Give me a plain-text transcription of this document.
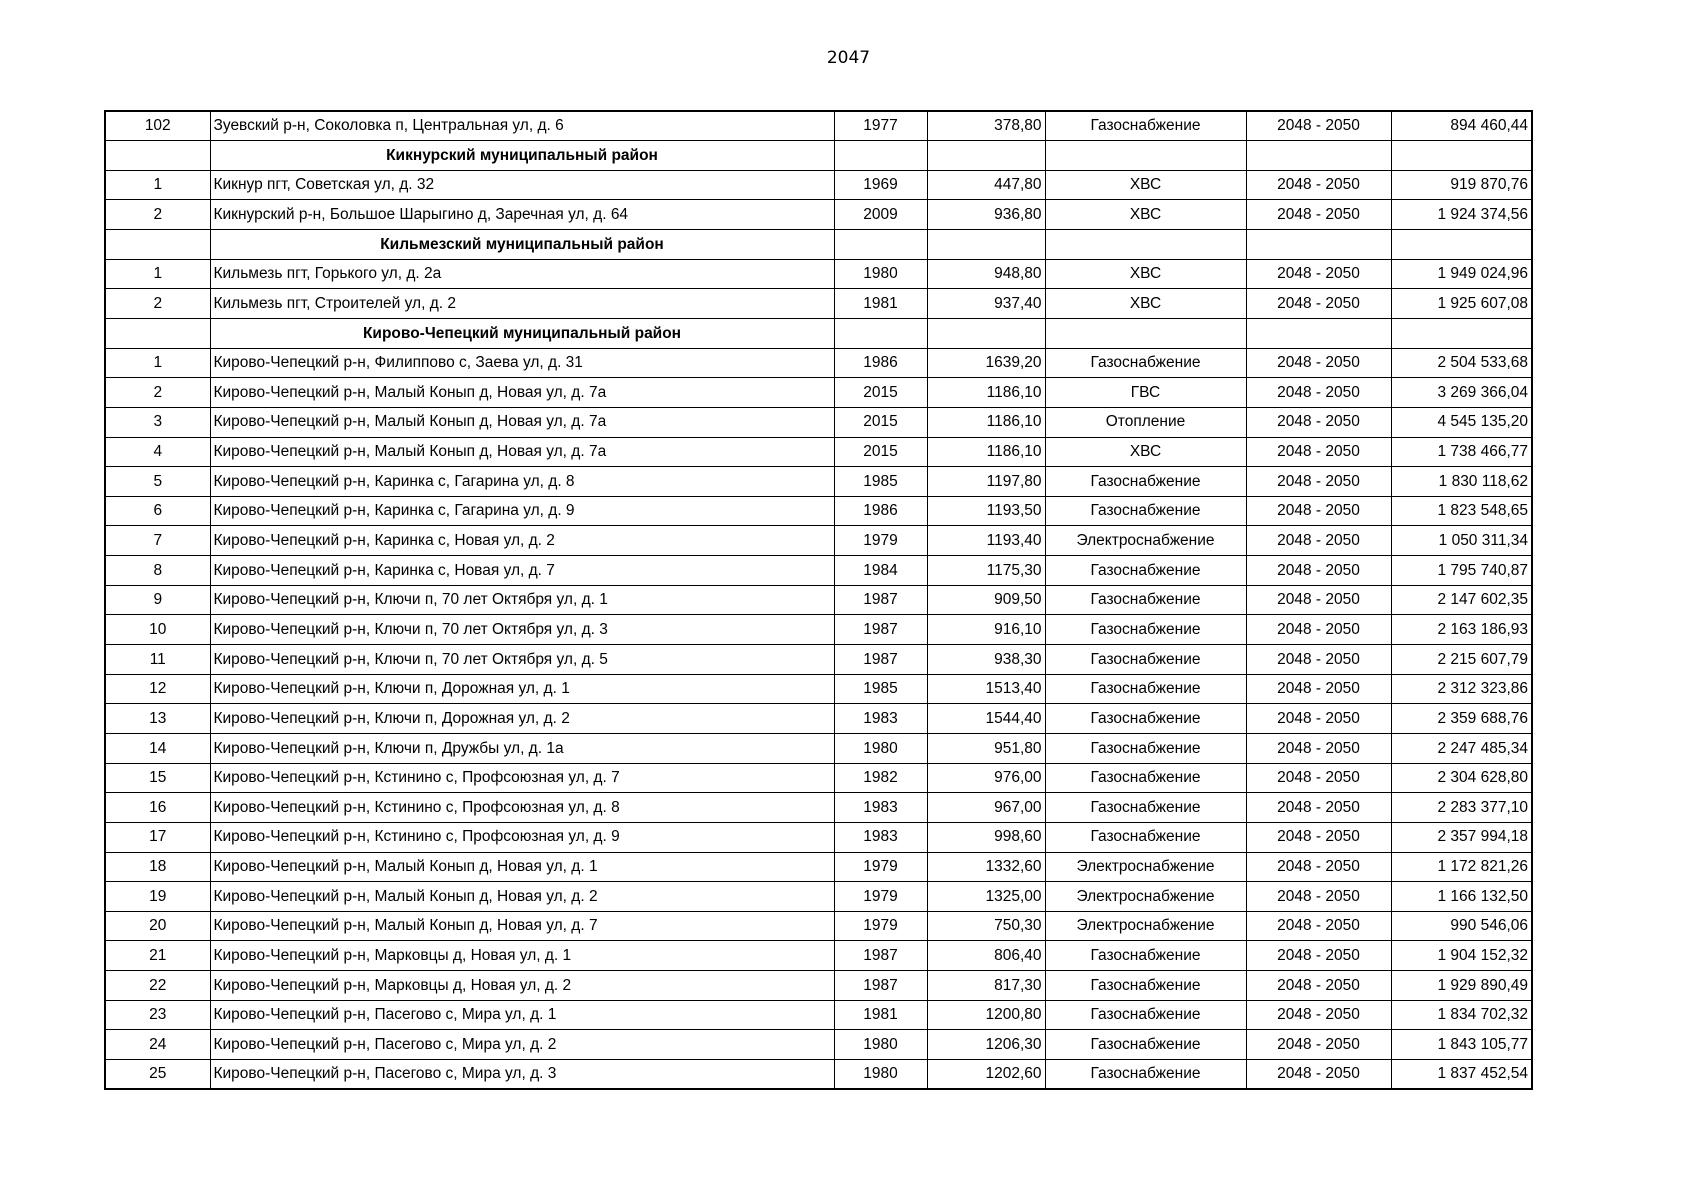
2047
102	Зуевский р-н, Соколовка п, Центральная ул, д. 6	1977	378,80	Газоснабжение	2048 - 2050	894 460,44
	Кикнурский муниципальный район					
1	Кикнур пгт, Советская ул, д. 32	1969	447,80	ХВС	2048 - 2050	919 870,76
2	Кикнурский р-н, Большое Шарыгино д, Заречная ул, д. 64	2009	936,80	ХВС	2048 - 2050	1 924 374,56
	Кильмезский муниципальный район					
1	Кильмезь пгт, Горького ул, д. 2а	1980	948,80	ХВС	2048 - 2050	1 949 024,96
2	Кильмезь пгт, Строителей ул, д. 2	1981	937,40	ХВС	2048 - 2050	1 925 607,08
	Кирово-Чепецкий муниципальный район					
1	Кирово-Чепецкий р-н, Филиппово с, Заева ул, д. 31	1986	1639,20	Газоснабжение	2048 - 2050	2 504 533,68
2	Кирово-Чепецкий р-н, Малый Конып д, Новая ул, д. 7а	2015	1186,10	ГВС	2048 - 2050	3 269 366,04
3	Кирово-Чепецкий р-н, Малый Конып д, Новая ул, д. 7а	2015	1186,10	Отопление	2048 - 2050	4 545 135,20
4	Кирово-Чепецкий р-н, Малый Конып д, Новая ул, д. 7а	2015	1186,10	ХВС	2048 - 2050	1 738 466,77
5	Кирово-Чепецкий р-н, Каринка с, Гагарина ул, д. 8	1985	1197,80	Газоснабжение	2048 - 2050	1 830 118,62
6	Кирово-Чепецкий р-н, Каринка с, Гагарина ул, д. 9	1986	1193,50	Газоснабжение	2048 - 2050	1 823 548,65
7	Кирово-Чепецкий р-н, Каринка с, Новая ул, д. 2	1979	1193,40	Электроснабжение	2048 - 2050	1 050 311,34
8	Кирово-Чепецкий р-н, Каринка с, Новая ул, д. 7	1984	1175,30	Газоснабжение	2048 - 2050	1 795 740,87
9	Кирово-Чепецкий р-н, Ключи п, 70 лет Октября ул, д. 1	1987	909,50	Газоснабжение	2048 - 2050	2 147 602,35
10	Кирово-Чепецкий р-н, Ключи п, 70 лет Октября ул, д. 3	1987	916,10	Газоснабжение	2048 - 2050	2 163 186,93
11	Кирово-Чепецкий р-н, Ключи п, 70 лет Октября ул, д. 5	1987	938,30	Газоснабжение	2048 - 2050	2 215 607,79
12	Кирово-Чепецкий р-н, Ключи п, Дорожная ул, д. 1	1985	1513,40	Газоснабжение	2048 - 2050	2 312 323,86
13	Кирово-Чепецкий р-н, Ключи п, Дорожная ул, д. 2	1983	1544,40	Газоснабжение	2048 - 2050	2 359 688,76
14	Кирово-Чепецкий р-н, Ключи п, Дружбы ул, д. 1а	1980	951,80	Газоснабжение	2048 - 2050	2 247 485,34
15	Кирово-Чепецкий р-н, Кстинино с, Профсоюзная ул, д. 7	1982	976,00	Газоснабжение	2048 - 2050	2 304 628,80
16	Кирово-Чепецкий р-н, Кстинино с, Профсоюзная ул, д. 8	1983	967,00	Газоснабжение	2048 - 2050	2 283 377,10
17	Кирово-Чепецкий р-н, Кстинино с, Профсоюзная ул, д. 9	1983	998,60	Газоснабжение	2048 - 2050	2 357 994,18
18	Кирово-Чепецкий р-н, Малый Конып д, Новая ул, д. 1	1979	1332,60	Электроснабжение	2048 - 2050	1 172 821,26
19	Кирово-Чепецкий р-н, Малый Конып д, Новая ул, д. 2	1979	1325,00	Электроснабжение	2048 - 2050	1 166 132,50
20	Кирово-Чепецкий р-н, Малый Конып д, Новая ул, д. 7	1979	750,30	Электроснабжение	2048 - 2050	990 546,06
21	Кирово-Чепецкий р-н, Марковцы д, Новая ул, д. 1	1987	806,40	Газоснабжение	2048 - 2050	1 904 152,32
22	Кирово-Чепецкий р-н, Марковцы д, Новая ул, д. 2	1987	817,30	Газоснабжение	2048 - 2050	1 929 890,49
23	Кирово-Чепецкий р-н, Пасегово с, Мира ул, д. 1	1981	1200,80	Газоснабжение	2048 - 2050	1 834 702,32
24	Кирово-Чепецкий р-н, Пасегово с, Мира ул, д. 2	1980	1206,30	Газоснабжение	2048 - 2050	1 843 105,77
25	Кирово-Чепецкий р-н, Пасегово с, Мира ул, д. 3	1980	1202,60	Газоснабжение	2048 - 2050	1 837 452,54
